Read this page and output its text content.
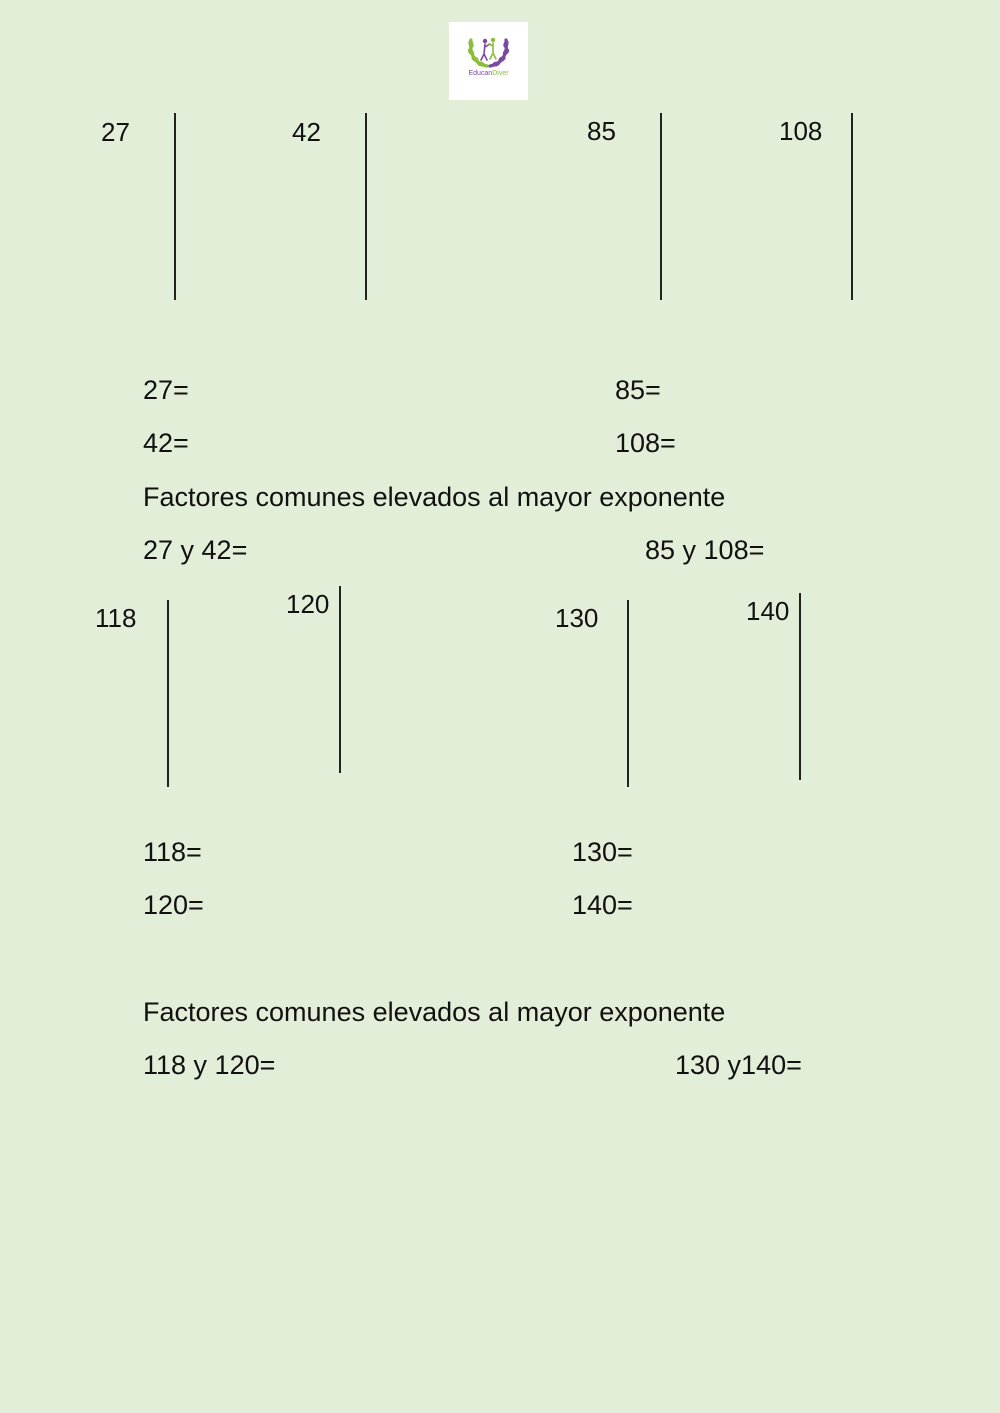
EducanDiver
27	42	85	108
27=	85=
42=	108=
Factores comunes elevados al mayor exponente
27 y 42=	85 y 108=
118	120	130	140
118=	130=
120=	140=
Factores comunes elevados al mayor exponente
118 y 120=	130 y140=
